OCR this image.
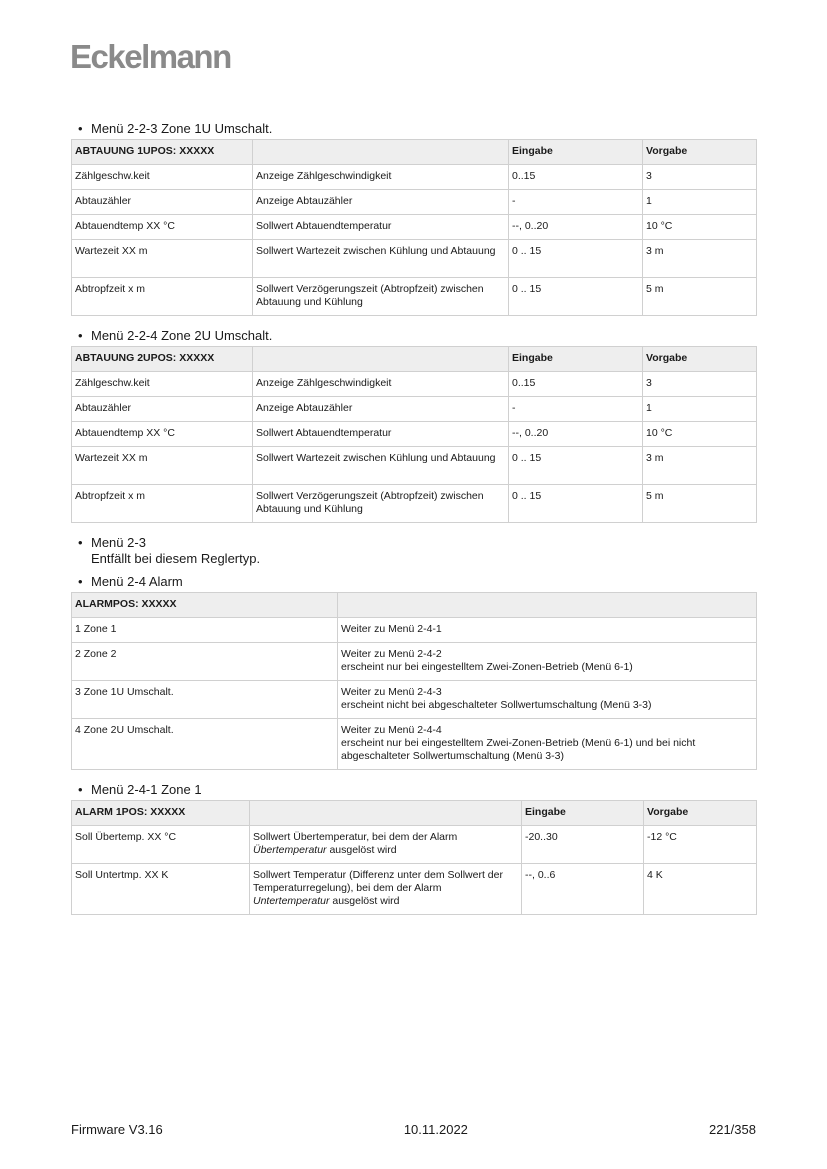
Eckelmann
• Menü 2-2-3 Zone 1U Umschalt.
ABTAUUNG 1UPOS: XXXXX		Eingabe	Vorgabe
Zählgeschw.keit	Anzeige Zählgeschwindigkeit	0..15	3
Abtauzähler	Anzeige Abtauzähler	-	1
Abtauendtemp XX °C	Sollwert Abtauendtemperatur	--, 0..20	10 °C
Wartezeit XX m	Sollwert Wartezeit zwischen Kühlung und Abtauung	0 .. 15	3 m
Abtropfzeit x m	Sollwert Verzögerungszeit (Abtropfzeit) zwischen Abtauung und Kühlung	0 .. 15	5 m
• Menü 2-2-4 Zone 2U Umschalt.
ABTAUUNG 2UPOS: XXXXX		Eingabe	Vorgabe
Zählgeschw.keit	Anzeige Zählgeschwindigkeit	0..15	3
Abtauzähler	Anzeige Abtauzähler	-	1
Abtauendtemp XX °C	Sollwert Abtauendtemperatur	--, 0..20	10 °C
Wartezeit XX m	Sollwert Wartezeit zwischen Kühlung und Abtauung	0 .. 15	3 m
Abtropfzeit x m	Sollwert Verzögerungszeit (Abtropfzeit) zwischen Abtauung und Kühlung	0 .. 15	5 m
• Menü 2-3
Entfällt bei diesem Reglertyp.
• Menü 2-4 Alarm
ALARMPOS: XXXXX	
1 Zone 1	Weiter zu Menü 2-4-1

2 Zone 2	Weiter zu Menü 2-4-2
erscheint nur bei eingestelltem Zwei-Zonen-Betrieb (Menü 6-1)

3 Zone 1U Umschalt.	Weiter zu Menü 2-4-3
erscheint nicht bei abgeschalteter Sollwertumschaltung (Menü 3-3)

4 Zone 2U Umschalt.	Weiter zu Menü 2-4-4
erscheint nur bei eingestelltem Zwei-Zonen-Betrieb (Menü 6-1) und bei nicht
abgeschalteter Sollwertumschaltung (Menü 3-3)
• Menü 2-4-1 Zone 1
ALARM 1POS: XXXXX		Eingabe	Vorgabe
Soll Übertemp. XX °C	Sollwert Übertemperatur, bei dem der Alarm
Übertemperatur ausgelöst wird	-20..30	-12 °C
Soll Untertmp. XX K	Sollwert Temperatur (Differenz unter dem Sollwert der
Temperaturregelung), bei dem der Alarm
Untertemperatur ausgelöst wird	--, 0..6	4 K
Firmware V3.16	10.11.2022	221/358
